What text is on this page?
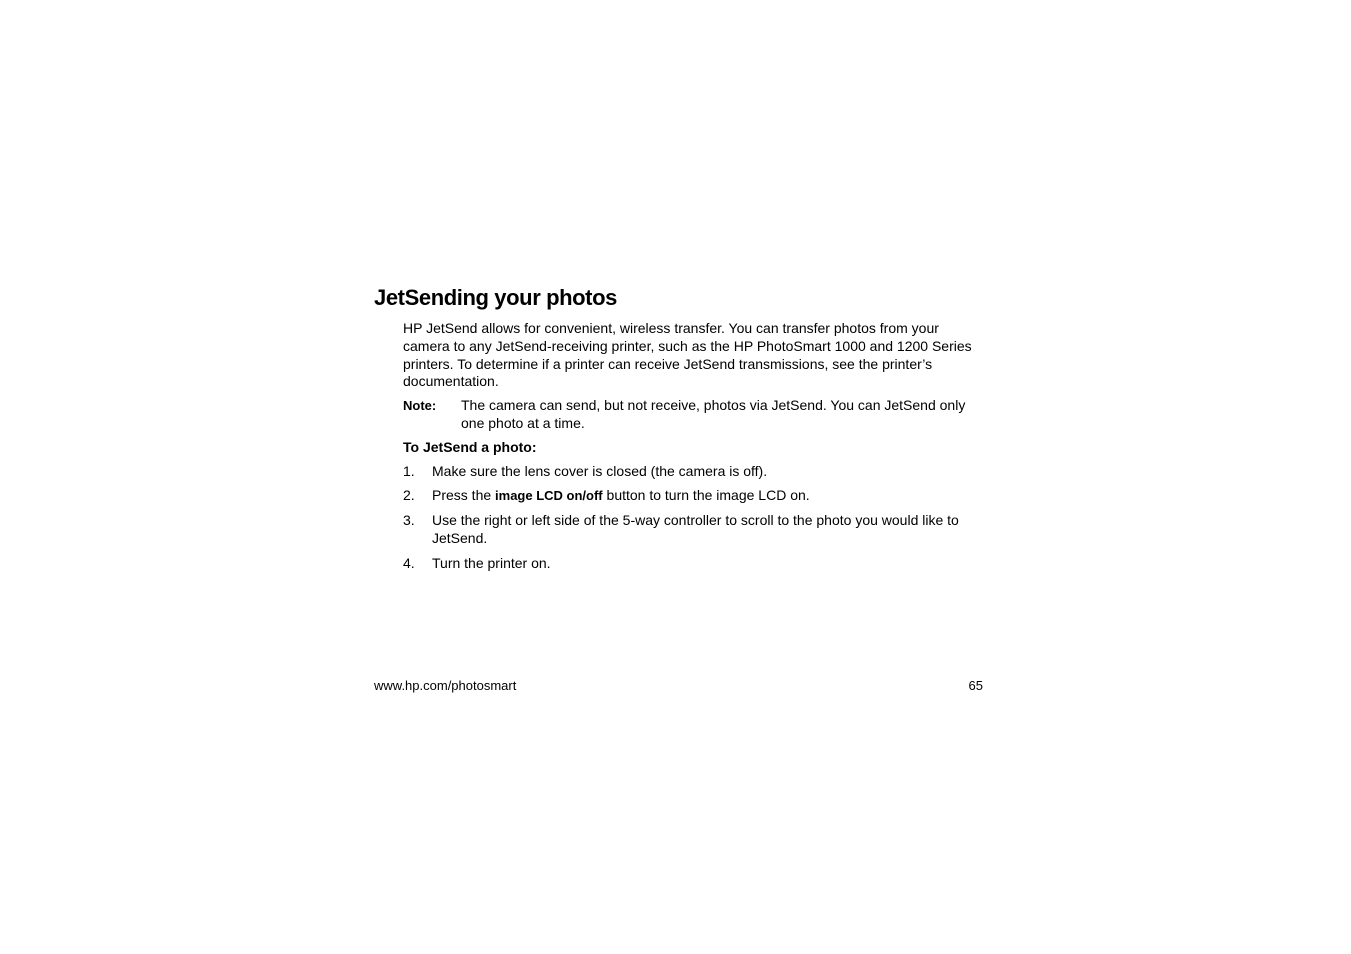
JetSending your photos

HP JetSend allows for convenient, wireless transfer. You can transfer photos from your camera to any JetSend-receiving printer, such as the HP PhotoSmart 1000 and 1200 Series printers. To determine if a printer can receive JetSend transmissions, see the printer’s documentation.

Note: The camera can send, but not receive, photos via JetSend. You can JetSend only one photo at a time.
To JetSend a photo:
1. Make sure the lens cover is closed (the camera is off).
2. Press the image LCD on/off button to turn the image LCD on.
3. Use the right or left side of the 5-way controller to scroll to the photo you would like to JetSend.
4. Turn the printer on.
www.hp.com/photosmart	65
